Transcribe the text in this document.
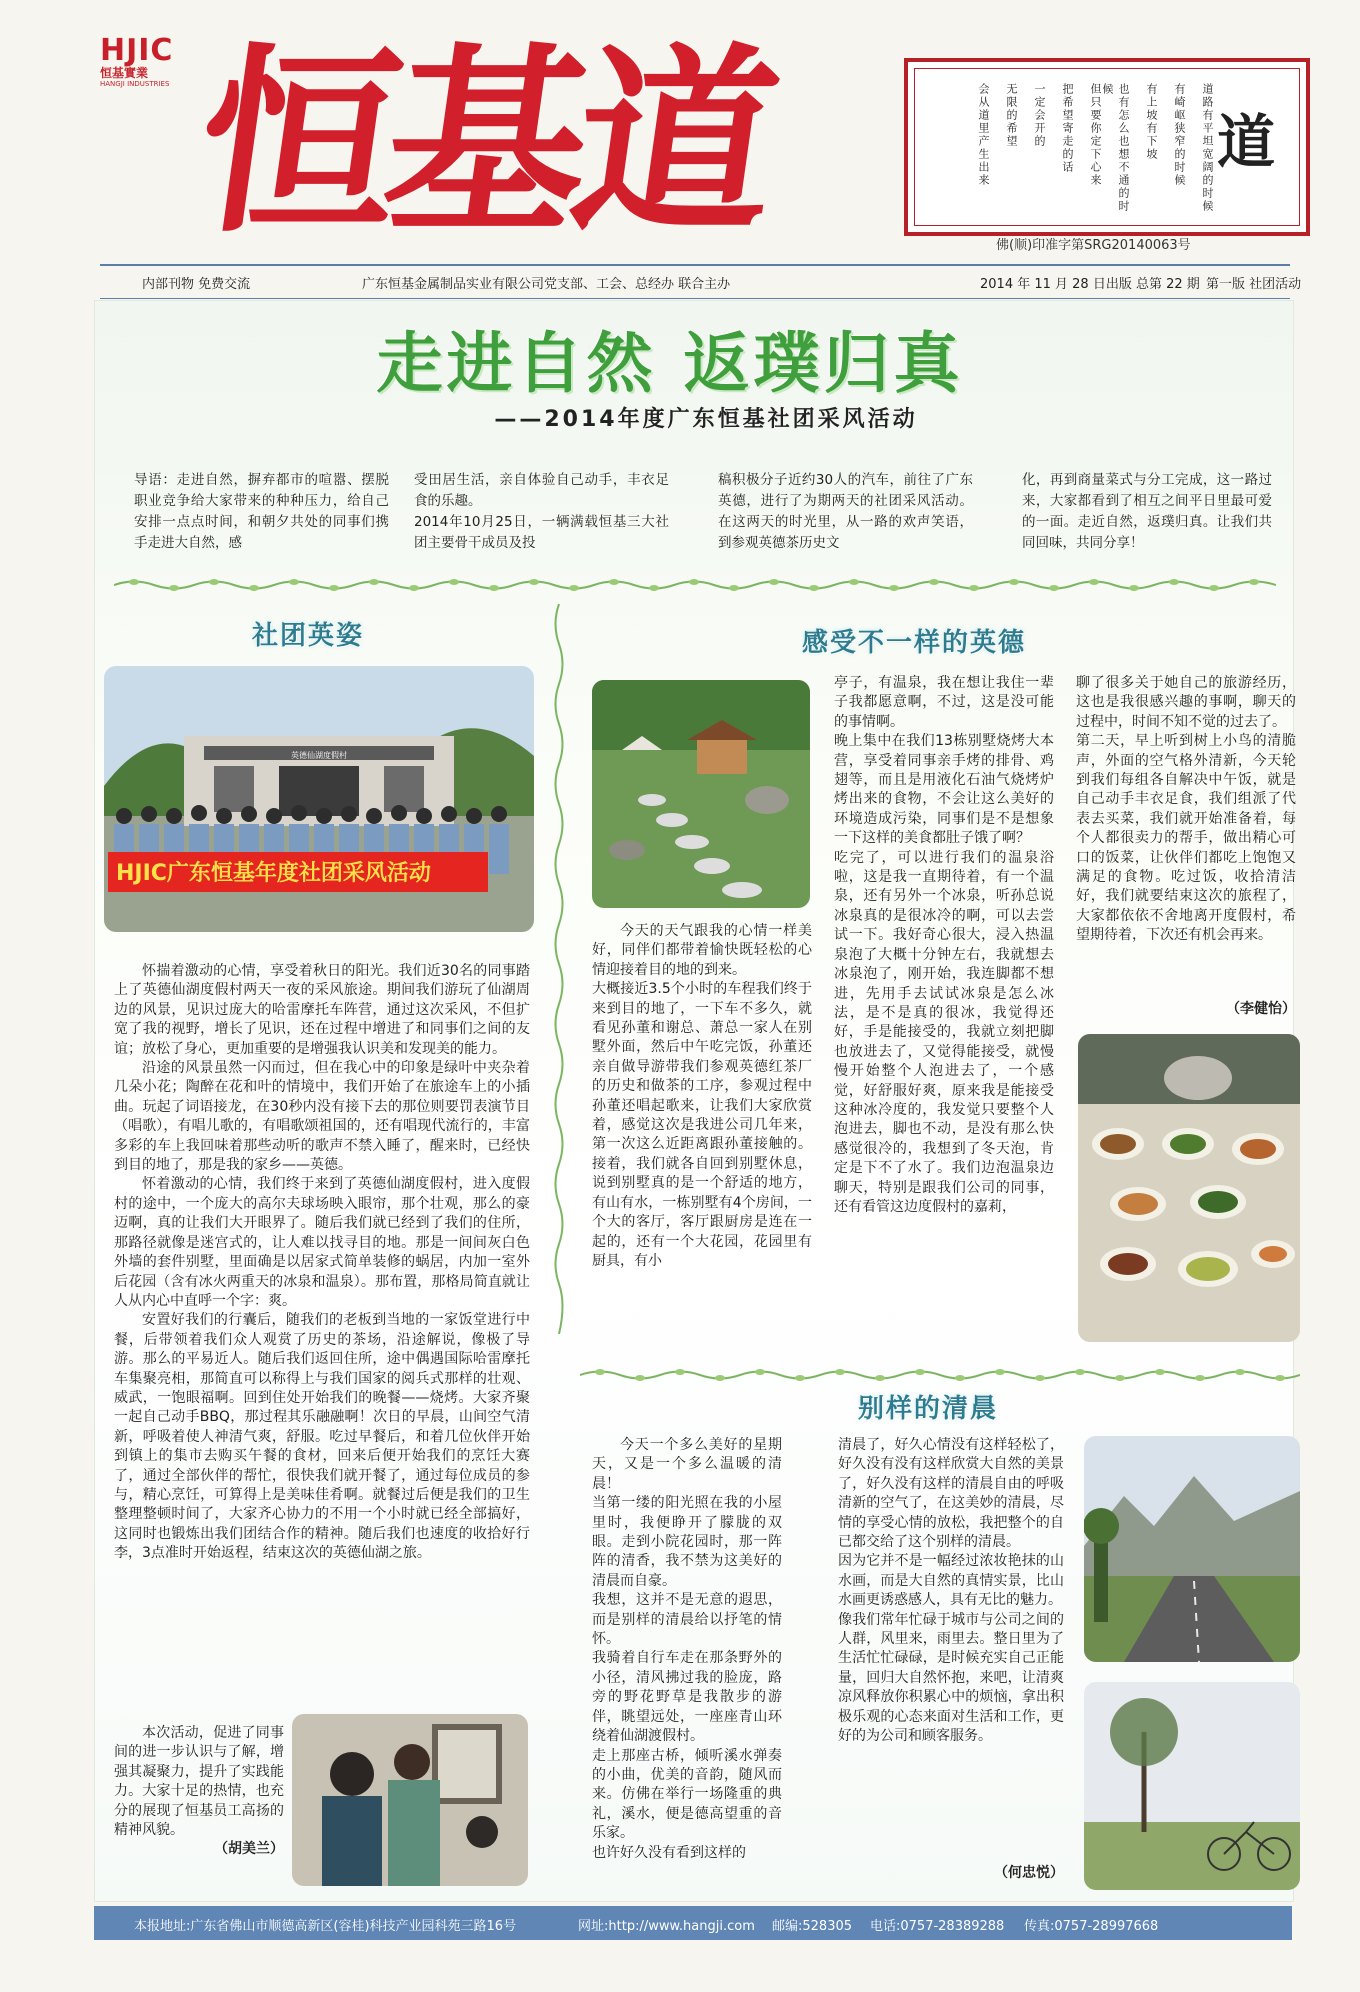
HJIC
恒基實業
HANGJI INDUSTRIES 恒基道	道路有平坦宽阔的时候
有崎岖狭窄的时候
有上坡有下坡
也有怎么也想不通的时候
但只要你定下心来
把希望寄走的话
一定会开的
无限的希望
会从道里产生出来	道
佛(顺)印准字第SRG20140063号
内部刊物 免费交流	广东恒基金属制品实业有限公司党支部、工会、总经办 联合主办	2014 年 11 月 28 日出版 总第 22 期 第一版 社团活动
走进自然 返璞归真
——2014年度广东恒基社团采风活动
导语：走进自然，摒弃都市的喧嚣、摆脱职业竞争给大家带来的种种压力，给自己安排一点点时间，和朝夕共处的同事们携手走进大自然，感
受田居生活，亲自体验自己动手，丰衣足食的乐趣。
2014年10月25日，一辆满载恒基三大社团主要骨干成员及投
稿积极分子近约30人的汽车，前往了广东英德，进行了为期两天的社团采风活动。在这两天的时光里，从一路的欢声笑语，到参观英德茶历史文
化，再到商量菜式与分工完成，这一路过来，大家都看到了相互之间平日里最可爱的一面。走近自然，返璞归真。让我们共同回味，共同分享！
社团英姿
英德仙湖度假村
HJIC广东恒基年度社团采风活动

怀揣着激动的心情，享受着秋日的阳光。我们近30名的同事踏上了英德仙湖度假村两天一夜的采风旅途。期间我们游玩了仙湖周边的风景，见识过庞大的哈雷摩托车阵营，通过这次采风，不但扩宽了我的视野，增长了见识，还在过程中增进了和同事们之间的友谊；放松了身心，更加重要的是增强我认识美和发现美的能力。

沿途的风景虽然一闪而过，但在我心中的印象是绿叶中夹杂着几朵小花；陶醉在花和叶的情境中，我们开始了在旅途车上的小插曲。玩起了词语接龙，在30秒内没有接下去的那位则要罚表演节目（唱歌），有唱儿歌的，有唱歌颂祖国的，还有唱现代流行的，丰富多彩的车上我回味着那些动听的歌声不禁入睡了，醒来时，已经快到目的地了，那是我的家乡——英德。

怀着激动的心情，我们终于来到了英德仙湖度假村，进入度假村的途中，一个庞大的高尔夫球场映入眼帘，那个壮观，那么的豪迈啊，真的让我们大开眼界了。随后我们就已经到了我们的住所，那路径就像是迷宫式的，让人难以找寻目的地。那是一间间灰白色外墙的套件别墅，里面确是以居家式简单装修的蜗居，内加一室外后花园（含有冰火两重天的冰泉和温泉）。那布置，那格局简直就让人从内心中直呼一个字：爽。

安置好我们的行囊后，随我们的老板到当地的一家饭堂进行中餐，后带领着我们众人观赏了历史的茶场，沿途解说，像极了导游。那么的平易近人。随后我们返回住所，途中偶遇国际哈雷摩托车集聚亮相，那简直可以称得上与我们国家的阅兵式那样的壮观、威武，一饱眼福啊。回到住处开始我们的晚餐——烧烤。大家齐聚一起自己动手BBQ，那过程其乐融融啊！次日的早晨，山间空气清新，呼吸着使人神清气爽，舒服。吃过早餐后，和着几位伙伴开始到镇上的集市去购买午餐的食材，回来后便开始我们的烹饪大赛了，通过全部伙伴的帮忙，很快我们就开餐了，通过每位成员的参与，精心烹饪，可算得上是美味佳肴啊。就餐过后便是我们的卫生整理整顿时间了，大家齐心协力的不用一个小时就已经全部搞好，这同时也锻炼出我们团结合作的精神。随后我们也速度的收拾好行李，3点准时开始返程，结束这次的英德仙湖之旅。

本次活动，促进了同事间的进一步认识与了解，增强其凝聚力，提升了实践能力。大家十足的热情，也充分的展现了恒基员工高扬的精神风貌。

（胡美兰）
感受不一样的英德
今天的天气跟我的心情一样美好，同伴们都带着愉快既轻松的心情迎接着目的地的到来。
大概接近3.5个小时的车程我们终于来到目的地了，一下车不多久，就看见孙董和谢总、萧总一家人在别墅外面，然后中午吃完饭，孙董还亲自做导游带我们参观英德红茶厂的历史和做茶的工序，参观过程中孙董还唱起歌来，让我们大家欣赏着，感觉这次是我进公司几年来，第一次这么近距离跟孙董接触的。接着，我们就各自回到别墅休息，说到别墅真的是一个舒适的地方，有山有水，一栋别墅有4个房间，一个大的客厅，客厅跟厨房是连在一起的，还有一个大花园，花园里有厨具，有小
亭子，有温泉，我在想让我住一辈子我都愿意啊，不过，这是没可能的事情啊。
晚上集中在我们13栋别墅烧烤大本营，享受着同事亲手烤的排骨、鸡翅等，而且是用液化石油气烧烤炉烤出来的食物，不会让这么美好的环境造成污染，同事们是不是想象一下这样的美食都肚子饿了啊？
吃完了，可以进行我们的温泉浴啦，这是我一直期待着，有一个温泉，还有另外一个冰泉，听孙总说冰泉真的是很冰冷的啊，可以去尝试一下。我好奇心很大，浸入热温泉泡了大概十分钟左右，我就想去冰泉泡了，刚开始，我连脚都不想进，先用手去试试冰泉是怎么冰法，是不是真的很冰，我觉得还好，手是能接受的，我就立刻把脚也放进去了，又觉得能接受，就慢慢开始整个人泡进去了，一个感觉，好舒服好爽，原来我是能接受这种冰冷度的，我发觉只要整个人泡进去，脚也不动，是没有那么快感觉很冷的，我想到了冬天泡，肯定是下不了水了。我们边泡温泉边聊天，特别是跟我们公司的同事，还有看管这边度假村的嘉莉，
聊了很多关于她自己的旅游经历，这也是我很感兴趣的事啊，聊天的过程中，时间不知不觉的过去了。
第二天，早上听到树上小鸟的清脆声，外面的空气格外清新，今天轮到我们每组各自解决中午饭，就是自己动手丰衣足食，我们组派了代表去买菜，我们就开始准备着，每个人都很卖力的帮手，做出精心可口的饭菜，让伙伴们都吃上饱饱又满足的食物。吃过饭，收拾清洁好，我们就要结束这次的旅程了，大家都依依不舍地离开度假村，希望期待着，下次还有机会再来。
（李健怡）
别样的清晨
今天一个多么美好的星期天，又是一个多么温暖的清晨！
当第一缕的阳光照在我的小屋里时，我便睁开了朦胧的双眼。走到小院花园时，那一阵阵的清香，我不禁为这美好的清晨而自豪。
我想，这并不是无意的遐思，而是别样的清晨给以抒笔的情怀。
我骑着自行车走在那条野外的小径，清风拂过我的脸庞，路旁的野花野草是我散步的游伴，眺望远处，一座座青山环绕着仙湖渡假村。
走上那座古桥，倾听溪水弹奏的小曲，优美的音韵，随风而来。仿佛在举行一场隆重的典礼，溪水，便是德高望重的音乐家。
也许好久没有看到这样的
清晨了，好久心情没有这样轻松了，好久没有没有这样欣赏大自然的美景了，好久没有这样的清晨自由的呼吸清新的空气了，在这美妙的清晨，尽情的享受心情的放松，我把整个的自已都交给了这个别样的清晨。
因为它并不是一幅经过浓妆艳抹的山水画，而是大自然的真情实景，比山水画更诱惑感人，具有无比的魅力。
像我们常年忙碌于城市与公司之间的人群，风里来，雨里去。整日里为了生活忙忙碌碌，是时候充实自己正能量，回归大自然怀抱，来吧，让清爽凉风释放你积累心中的烦恼，拿出积极乐观的心态来面对生活和工作，更好的为公司和顾客服务。
（何忠悦）
本报地址:广东省佛山市顺德高新区(容桂)科技产业园科苑三路16号	网址:http://www.hangji.com 邮编:528305 电话:0757-28389288 传真:0757-28997668
